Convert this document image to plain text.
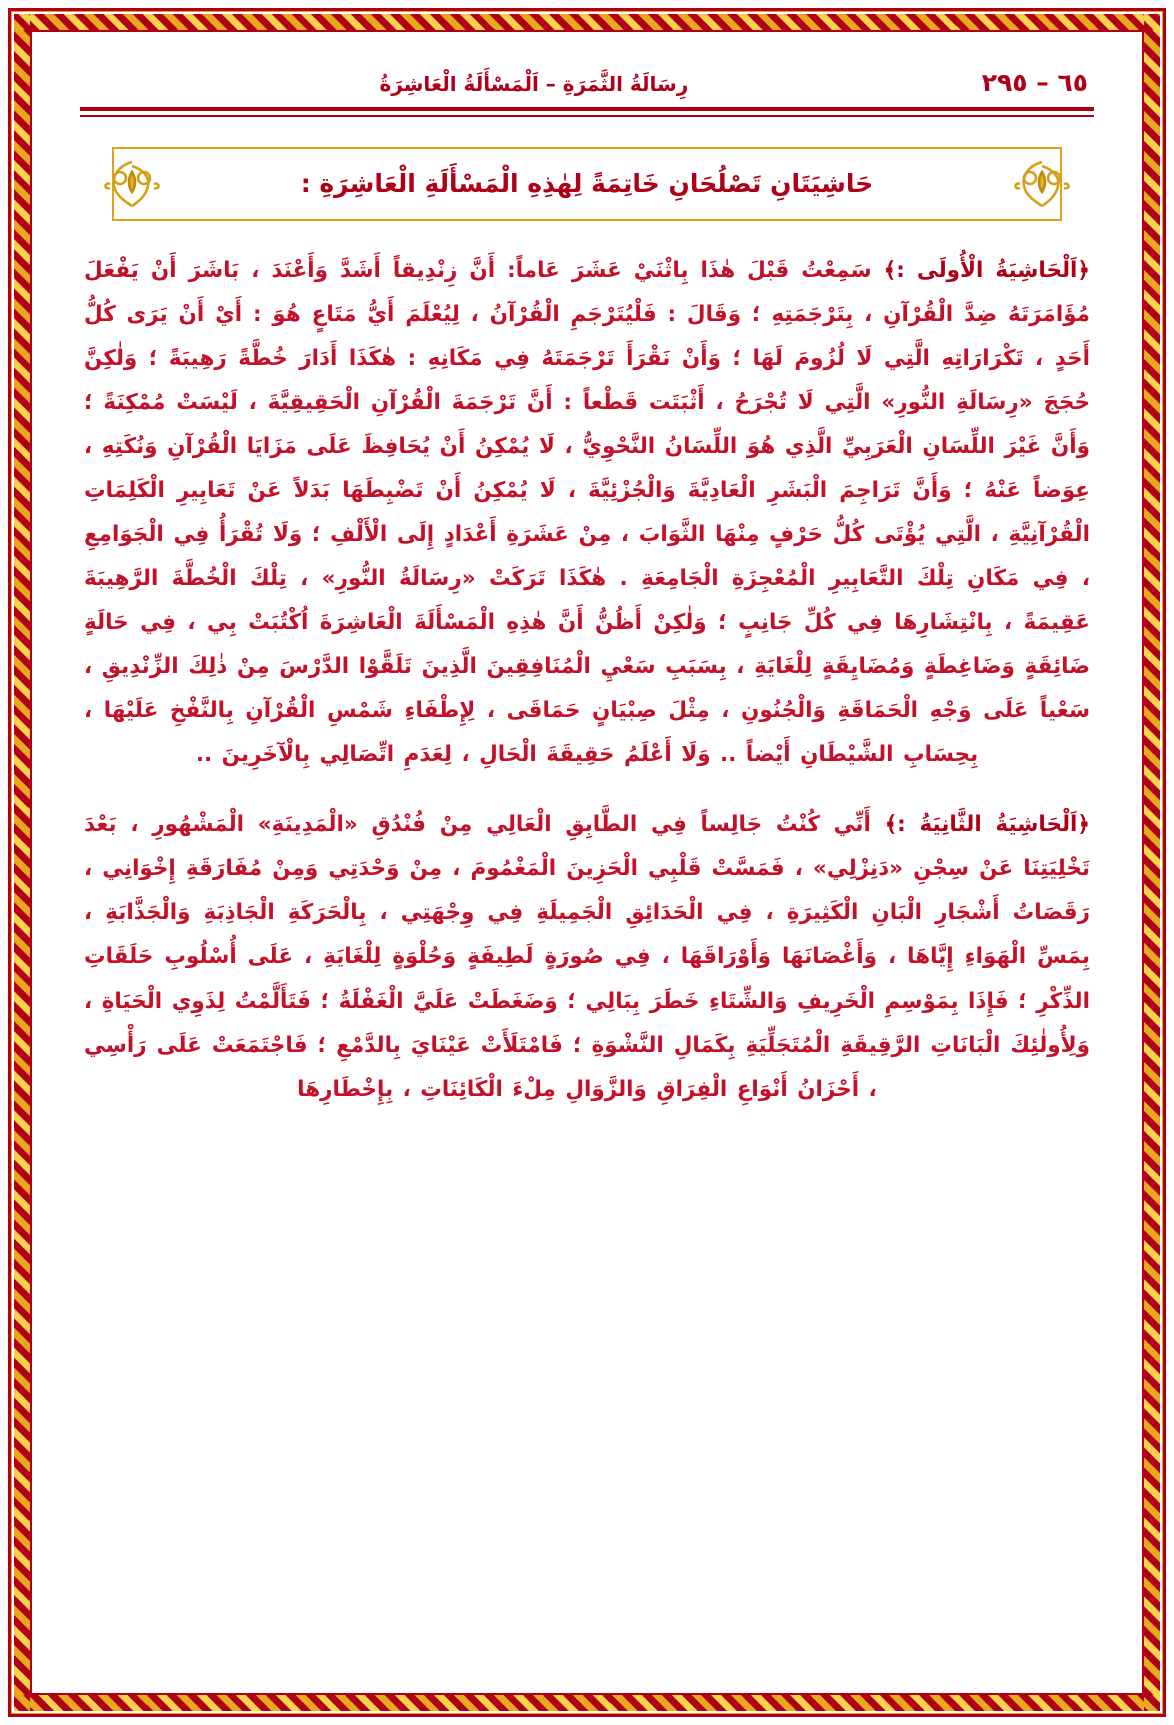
٦٥ – ٢٩٥
رِسَالَةُ الثَّمَرَةِ – اَلْمَسْأَلَةُ الْعَاشِرَةُ
حَاشِيَتَانِ تَصْلُحَانِ خَاتِمَةً لِهٰذِهِ الْمَسْأَلَةِ الْعَاشِرَةِ :

﴿اَلْحَاشِيَةُ الْأُولَى :﴾ سَمِعْتُ قَبْلَ هٰذَا بِاثْنَيْ عَشَرَ عَاماً: أَنَّ زِنْدِيقاً أَشَدَّ وَأَعْنَدَ ، بَاشَرَ أَنْ يَفْعَلَ مُؤَامَرَتَهُ ضِدَّ الْقُرْآنِ ، بِتَرْجَمَتِهِ ؛ وَقَالَ : فَلْيُتَرْجَمِ الْقُرْآنُ ، لِيُعْلَمَ أَيُّ مَتَاعٍ هُوَ : أَيْ أَنْ يَرَى كُلُّ أَحَدٍ ، تَكْرَارَاتِهِ الَّتِي لَا لُزُومَ لَهَا ؛ وَأَنْ نَقْرَأَ تَرْجَمَتَهُ فِي مَكَانِهِ : هٰكَذَا أَدَارَ خُطَّةً رَهِيبَةً ؛ وَلٰكِنَّ حُجَجَ «رِسَالَةِ النُّورِ» الَّتِي لَا تُجْرَحُ ، أَثْبَتَت قَطْعاً : أَنَّ تَرْجَمَةَ الْقُرْآنِ الْحَقِيقِيَّةَ ، لَيْسَتْ مُمْكِنَةً ؛ وَأَنَّ غَيْرَ اللِّسَانِ الْعَرَبِيِّ الَّذِي هُوَ اللِّسَانُ النَّحْوِيُّ ، لَا يُمْكِنُ أَنْ يُحَافِظَ عَلَى مَزَايَا الْقُرْآنِ وَنُكَتِهِ ، عِوَضاً عَنْهُ ؛ وَأَنَّ تَرَاجِمَ الْبَشَرِ الْعَادِيَّةَ وَالْجُزْئِيَّةَ ، لَا يُمْكِنُ أَنْ تَضْبِطَهَا بَدَلاً عَنْ تَعَابِيرِ الْكَلِمَاتِ الْقُرْآنِيَّةِ ، الَّتِي يُؤْتَى كُلُّ حَرْفٍ مِنْهَا الثَّوَابَ ، مِنْ عَشَرَةِ أَعْدَادٍ إِلَى الْأَلْفِ ؛ وَلَا تُقْرَأُ فِي الْجَوَامِعِ ، فِي مَكَانِ تِلْكَ التَّعَابِيرِ الْمُعْجِزَةِ الْجَامِعَةِ . هٰكَذَا تَرَكَتْ «رِسَالَةُ النُّورِ» ، تِلْكَ الْخُطَّةَ الرَّهِيبَةَ عَقِيمَةً ، بِانْتِشَارِهَا فِي كُلِّ جَانِبٍ ؛ وَلٰكِنْ أَظُنُّ أَنَّ هٰذِهِ الْمَسْأَلَةَ الْعَاشِرَةَ اُكْتُبَتْ بِي ، فِي حَالَةٍ ضَائِقَةٍ وَضَاغِطَةٍ وَمُضَايِقَةٍ لِلْغَايَةِ ، بِسَبَبِ سَعْيِ الْمُنَافِقِينَ الَّذِينَ تَلَقَّوْا الدَّرْسَ مِنْ ذٰلِكَ الزِّنْدِيقِ ، سَعْياً عَلَى وَجْهِ الْحَمَاقَةِ وَالْجُنُونِ ، مِثْلَ صِبْيَانٍ حَمَاقَى ، لِإِطْفَاءِ شَمْسِ الْقُرْآنِ بِالنَّفْخِ عَلَيْهَا ، بِحِسَابِ الشَّيْطَانِ أَيْضاً .. وَلَا أَعْلَمُ حَقِيقَةَ الْحَالِ ، لِعَدَمِ اتِّصَالِي بِالْآخَرِينَ ..

﴿اَلْحَاشِيَةُ الثَّانِيَةُ :﴾ أَنِّي كُنْتُ جَالِساً فِي الطَّابِقِ الْعَالِي مِنْ فُنْدُقِ «الْمَدِينَةِ» الْمَشْهُورِ ، بَعْدَ تَخْلِيَتِنَا عَنْ سِجْنِ «دَنِزْلِي» ، فَمَسَّتْ قَلْبِي الْحَزِينَ الْمَغْمُومَ ، مِنْ وَحْدَتِي وَمِنْ مُفَارَقَةِ إِخْوَانِي ، رَقَصَاتُ أَشْجَارِ الْبَانِ الْكَثِيرَةِ ، فِي الْحَدَائِقِ الْجَمِيلَةِ فِي وِجْهَتِي ، بِالْحَرَكَةِ الْجَاذِبَةِ وَالْجَذَّابَةِ ، بِمَسِّ الْهَوَاءِ إِيَّاهَا ، وَأَغْصَانَهَا وَأَوْرَاقَهَا ، فِي صُورَةٍ لَطِيفَةٍ وَحُلْوَةٍ لِلْغَايَةِ ، عَلَى أُسْلُوبِ حَلَقَاتِ الذِّكْرِ ؛ فَإِذَا بِمَوْسِمِ الْخَرِيفِ وَالشِّتَاءِ خَطَرَ بِبَالِي ؛ وَضَغَطَتْ عَلَيَّ الْغَفْلَةُ ؛ فَتَأَلَّمْتُ لِذَوِي الْحَيَاةِ ، وَلِأُولٰئِكَ الْبَانَاتِ الرَّقِيقَةِ الْمُتَجَلِّيَةِ بِكَمَالِ النَّشْوَةِ ؛ فَامْتَلَأَتْ عَيْنَايَ بِالدَّمْعِ ؛ فَاجْتَمَعَتْ عَلَى رَأْسِي ، أَحْزَانُ أَنْوَاعِ الْفِرَاقِ وَالزَّوَالِ مِلْءَ الْكَائِنَاتِ ، بِإِخْطَارِهَا
